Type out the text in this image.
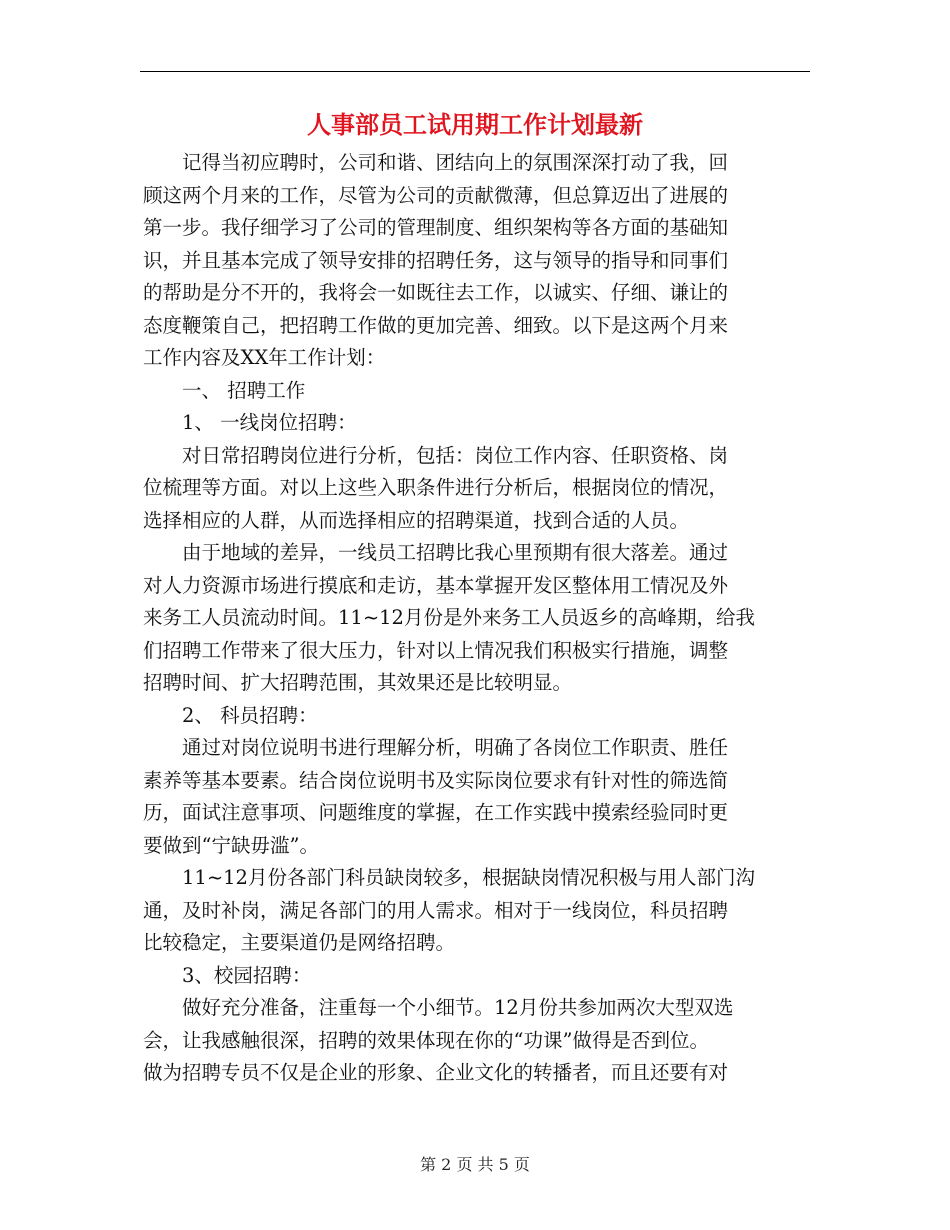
人事部员工试用期工作计划最新

　　记得当初应聘时，公司和谐、团结向上的氛围深深打动了我，回

顾这两个月来的工作，尽管为公司的贡献微薄，但总算迈出了进展的

第一步。我仔细学习了公司的管理制度、组织架构等各方面的基础知

识，并且基本完成了领导安排的招聘任务，这与领导的指导和同事们

的帮助是分不开的，我将会一如既往去工作，以诚实、仔细、谦让的

态度鞭策自己，把招聘工作做的更加完善、细致。以下是这两个月来

工作内容及XX年工作计划：

　　一、 招聘工作

　　1、 一线岗位招聘：

　　对日常招聘岗位进行分析，包括：岗位工作内容、任职资格、岗

位梳理等方面。对以上这些入职条件进行分析后，根据岗位的情况，

选择相应的人群，从而选择相应的招聘渠道，找到合适的人员。

　　由于地域的差异，一线员工招聘比我心里预期有很大落差。通过

对人力资源市场进行摸底和走访，基本掌握开发区整体用工情况及外

来务工人员流动时间。11~12月份是外来务工人员返乡的高峰期，给我

们招聘工作带来了很大压力，针对以上情况我们积极实行措施，调整

招聘时间、扩大招聘范围，其效果还是比较明显。

　　2、 科员招聘：

　　通过对岗位说明书进行理解分析，明确了各岗位工作职责、胜任

素养等基本要素。结合岗位说明书及实际岗位要求有针对性的筛选简

历，面试注意事项、问题维度的掌握，在工作实践中摸索经验同时更

要做到“宁缺毋滥”。

　　11~12月份各部门科员缺岗较多，根据缺岗情况积极与用人部门沟

通，及时补岗，满足各部门的用人需求。相对于一线岗位，科员招聘

比较稳定，主要渠道仍是网络招聘。

　　3、校园招聘：

　　做好充分准备，注重每一个小细节。12月份共参加两次大型双选

会，让我感触很深，招聘的效果体现在你的“功课”做得是否到位。

做为招聘专员不仅是企业的形象、企业文化的转播者，而且还要有对

第 2 页 共 5 页
